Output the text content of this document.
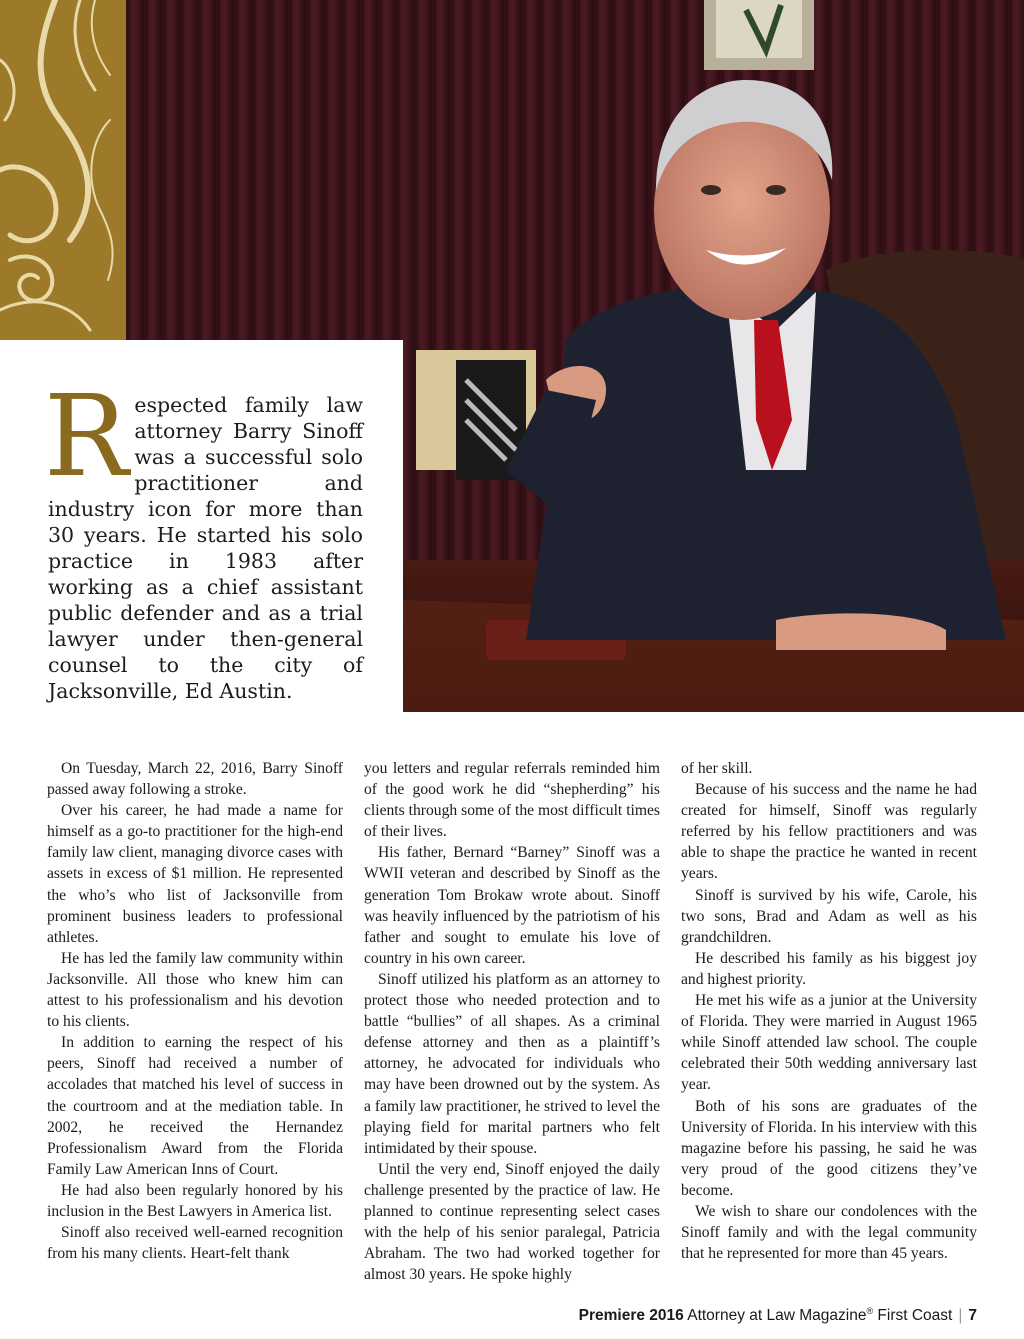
Respected family law attorney Barry Sinoff was a successful solo practitioner and industry icon for more than 30 years. He started his solo practice in 1983 after working as a chief assistant public defender and as a trial lawyer under then-general counsel to the city of Jacksonville, Ed Austin.

On Tuesday, March 22, 2016, Barry Sinoff passed away following a stroke.

Over his career, he had made a name for himself as a go-to practitioner for the high-end family law client, managing divorce cases with assets in excess of $1 million. He represented the who’s who list of Jacksonville from prominent business leaders to professional athletes.

He has led the family law community within Jacksonville. All those who knew him can attest to his professionalism and his devotion to his clients.

In addition to earning the respect of his peers, Sinoff had received a number of accolades that matched his level of success in the courtroom and at the mediation table. In 2002, he received the Hernandez Professionalism Award from the Florida Family Law American Inns of Court.

He had also been regularly honored by his inclusion in the Best Lawyers in America list.

Sinoff also received well-earned recognition from his many clients. Heart-felt thank

you letters and regular referrals reminded him of the good work he did “shepherding” his clients through some of the most difficult times of their lives.

His father, Bernard “Barney” Sinoff was a WWII veteran and described by Sinoff as the generation Tom Brokaw wrote about. Sinoff was heavily influenced by the patriotism of his father and sought to emulate his love of country in his own career.

Sinoff utilized his platform as an attorney to protect those who needed protection and to battle “bullies” of all shapes. As a criminal defense attorney and then as a plaintiff’s attorney, he advocated for individuals who may have been drowned out by the system. As a family law practitioner, he strived to level the playing field for marital partners who felt intimidated by their spouse.

Until the very end, Sinoff enjoyed the daily challenge presented by the practice of law. He planned to continue representing select cases with the help of his senior paralegal, Patricia Abraham. The two had worked together for almost 30 years. He spoke highly

of her skill.

Because of his success and the name he had created for himself, Sinoff was regularly referred by his fellow practitioners and was able to shape the practice he wanted in recent years.

Sinoff is survived by his wife, Carole, his two sons, Brad and Adam as well as his grandchildren.

He described his family as his biggest joy and highest priority.

He met his wife as a junior at the University of Florida. They were married in August 1965 while Sinoff attended law school. The couple celebrated their 50th wedding anniversary last year.

Both of his sons are graduates of the University of Florida. In his interview with this magazine before his passing, he said he was very proud of the good citizens they’ve become.

We wish to share our condolences with the Sinoff family and with the legal community that he represented for more than 45 years.

Premiere 2016 Attorney at Law Magazine® First Coast | 7
